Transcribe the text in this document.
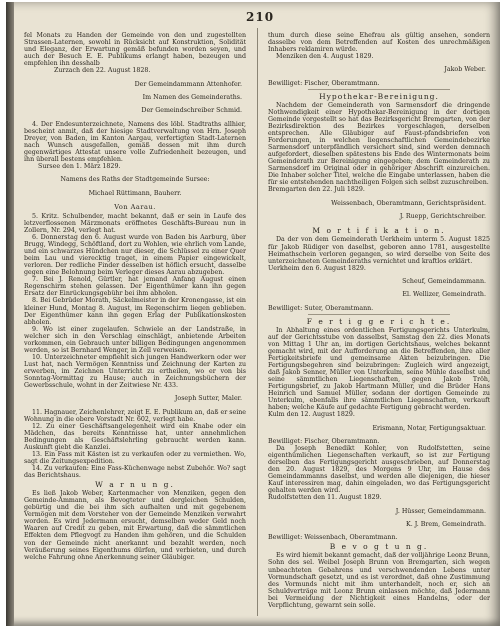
210

fel Monats zu Handen der Gemeinde von den und zugestellten Strassen-Laternen, sowohl in Rücksicht auf Konstruktion, Solidität und Eleganz, der Erwartung gemäß befunden worden seyen, und auch der Besuch E. E. Publikums erlangt haben, bezeugen und empfehlen ihn desshalb

Zurzach den 22. August 1828.

Der Gemeindammann Attenhofer.

Im Namen des Gemeinderaths.

Der Gemeindschreiber Schmid.

4. Der Endesunterzeichnete, Namens des löbl. Stadtraths allhier, bescheint anmit, daß der hiesige Stadtverwaltung von Hrn. Joseph Dreyer, von Baden, im Kanton Aargau, verfertigten Stadt-Laternen nach Wunsch ausgefallen, gemäß dessen mit ihm durch gegenwärtiges Attestat unsere volle Zufriedenheit bezeugen, und ihn überall bestens empfehlen.

Sursee den 1. März 1829.

Namens des Raths der Stadtgemeinde Sursee:

Michael Rüttimann, Bauherr.

Von Aarau.

5. Kritz. Schulbender, macht bekannt, daß er sein in Laufe des letzverflossenen Märzmonats eröffnetes Geschäfts-Bureau nun in Zollern, Nr. 294, verlegt hat.

6. Donnerstag den 6. August wurde von Baden bis Aarburg, über Brugg, Windegg, Schöftland, dort zu Wohlen, wie ehrlich vom Lande, und ein schwarzes Hündchen nur dieser, die Schlüssel zu einer Quer beim Lau und vierecktig traget, in einem Papier eingewickelt, verloren. Der redliche Finder desselben ist höflich ersucht, dasselbe gegen eine Belohnung beim Verleger dieses Aarau abzugeben.

7. Bei J. Renold, Gürtler, hat jemand Anfang August einen Regenschirm stehen gelassen. Der Eigenthümer kann ihn gegen Ersatz der Einrückungsgebühr bei ihm abholen.

8. Bei Gebrüder Morath, Säckelmeister in der Kronengasse, ist ein kleiner Hund, Montag 8. August, im Regenschirm liegen geblieben. Der Eigenthümer kann ihn gegen Erlag der Publikationskosten abholen.

9. Wo ist einer zugelaufen. Schwiele an der Landstraße, in welcher sich in den Verschlag einschlägt, anbietende Arbeiten vorkommen, ein Gebrauch unter billigen Bedingungen angenommen werden, so ist Bernhard Wenger, in Zell verweisen.

10. Unterzeichneter empfiehlt sich jungen Handwerkern oder wer Lust hat, nach Vermögen Kenntniss und Zeichnung der Karten zu erwerben, im Zeichnen Unterricht zu ertheilen, wo er von bis Sonntag-Vormittag zu Hause; auch in Zeichnungsbüchern der Gewerbsschule, wohnt in der Zeitwiese Nr. 433.

Joseph Sutter, Maler.

11. Hagnauer, Zeichenlehrer, zeigt E. E. Publikum an, daß er seine Wohnung in die obere Vorstadt Nr. 602, verlegt habe.

12. Zu einer Geschäftsangelegenheit wird ein Knabe oder ein Mädchen, das bereits Kenntnisse hat, unter annehmlichen Bedingungen als Geschäftslehrling gebraucht werden kann. Auskunft giebt die Kanzlei.

13. Ein Fass mit Kästen ist zu verkaufen oder zu vermiethen. Wo, sagt die Zeitungsexpedition.

14. Zu verkaufen: Eine Fass-Küchenwage nebst Zubehör. Wo? sagt das Berichtshaus.

W a r n u n g.

Es ließ Jakob Weber, Kartenmacher von Menziken, gegen den Gemeinde-Ammann, als Bevogteter und dergleichen Schulden, gebürtig und die bei ihm sich aufhalten und mit gegebenem Vermögen mit dem Vorsteher von der Gemeinde Menziken verwahrt worden. Es wird Jedermann ersucht, demselben weder Geld noch Waaren auf Credit zu geben, mit Erwartung, daß die sämmtlichen Effekten dem Pflegvogt zu Handen ihm gehören, und die Schulden von der Gemeinde nicht anerkannt und bezahlt werden, noch Veräußerung seines Eigenthums dürfen, und verbieten, und durch welche Fahrung ohne Anerkennung seiner Gläubiger.

thum durch diese seine Ehefrau als gültig ansehen, sondern dasselbe von dem Betreffenden auf Kosten des unrechmäßigen Inhabers reklamiren würde.

Menziken den 4. August 1829.

Jakob Weber.

Bewilliget: Fischer, Oberamtmann.

Hypothekar-Bereinigung.

Nachdem der Gemeinderath von Sarmensdorf die dringende Nothwendigkeit einer Hypothekar-Bereinigung in der dortigen Gemeinde vorgestellt so hat das Bezirksgericht Bremgarten, von der Bezirksdirektion des Bezirkes vorgeschlagen, derselben entsprechen. Alle Gläubiger auf Faust-pfandsbriefen von Forderungen, in welchen liegenschaftlichen Gemeindebezirke Sarmensdorf unterpfändlich versichert sind, sind werden demnach aufgefordert, dieselben spätestens bis Ende des Wintermonats beim Gemeinderath zur Bereinigung eingegeben; dem Gemeinderath zu Sarmensdorf im Original oder in gehöriger Abschrift einzureichen. Die Inhaber solcher Titel, welche die Eingabe unterlassen, haben die für sie entstehenden nachtheiligen Folgen sich selbst zuzuschreiben.

Bremgarten den 22. Juli 1829.

Weissenbach, Oberamtmann, Gerichtspräsident.

J. Ruepp, Gerichtschreiber.

M o r t i f i k a t i o n.

Da der von dem Gemeinderath Uerkheim unterm 5. August 1825 für Jakob Rüdiger von daselbst, geboren anno 1781, ausgestellte Heimathschein verloren gegangen, so wird derselbe von Seite des unterzeichneten Gemeinderaths vernichtet und kraftlos erklärt.

Uerkheim den 6. August 1829.

Scheuf, Gemeindammann.

El. Wellizer, Gemeindrath.

Bewilliget: Suter, Oberamtmann.

F e r t i g g e r i c h t e.

In Abhaltung eines ordentlichen Fertigungsgerichts Unterkulm, auf der Gerichtsstube von dasselbst, Samstag den 22. dies Monats von Mittag 1 Uhr an, im dortigen Gerichtshaus, welches bekannt gemacht wird, mit der Aufforderung an die Betreffenden, ihre aller Fertigkeitsbriefe und gemeinsame Akten beizubringen. Die Fertigungsbegehren sind beizubringen: Zugleich wird angezeigt, daß Jakob Senner, Müller von Unterkulm, seine Mühle daselbst und seine sämmtlichen Liegenschaften, gegen Jakob Tröh, Fertigungsbrief, zu Jakob Hartmann Müller, und die Brüder Hans Heinrich und Samuel Müller, sodann der dortigen Gemeinde zu Unterkulm, ebenfalls ihre sämmtlichen Liegenschaften, verkauft haben; welche Käufe auf gedachte Fertigung gebracht werden.

Kulm den 12. August 1829.

Erismann, Notar, Fertigungsaktuar.

Bewilliget: Fischer, Oberamtmann.

Da Joseph Benedikt Kohler, von Rudolfstetten, seine eigenthümlichen Liegenschaften verkauft, so ist zur Fertigung derselben das Fertigungsgericht ausgeschrieben, auf Donnerstag den 20. August 1829, des Morgens 9 Uhr, im Hause des Gemeindammanns daselbst, und werden alle diejenigen, die hieser Kauf interessiren mag, dahin eingeladen, wo das Fertigungsgericht gehalten werden wird.

Rudolfstetten den 11. August 1829.

J. Hüsser, Gemeindammann.

K. J. Brem, Gemeindrath.

Bewilliget: Weissenbach, Oberamtmann.

B e v o g t u n g.

Es wird hiemit bekannt gemacht, daß der volljährige Leonz Brunn, Sohn des sel. Weibel Joseph Brunn von Bremgarten, sich wegen unbeachteten Gebahrens und verschwendenden Lebens unter Vormundschaft gesetzt, und es ist verordnet, daß ohne Zustimmung des Vormunds nicht mit ihm unterhandelt, noch er, sich an Schuldverträge mit Leonz Brunn einlassen möchte, daß Jedermann bei Vermeidung der Nichtigkeit eines Handelns, oder der Verpflichtung, gewarnt sein solle.
